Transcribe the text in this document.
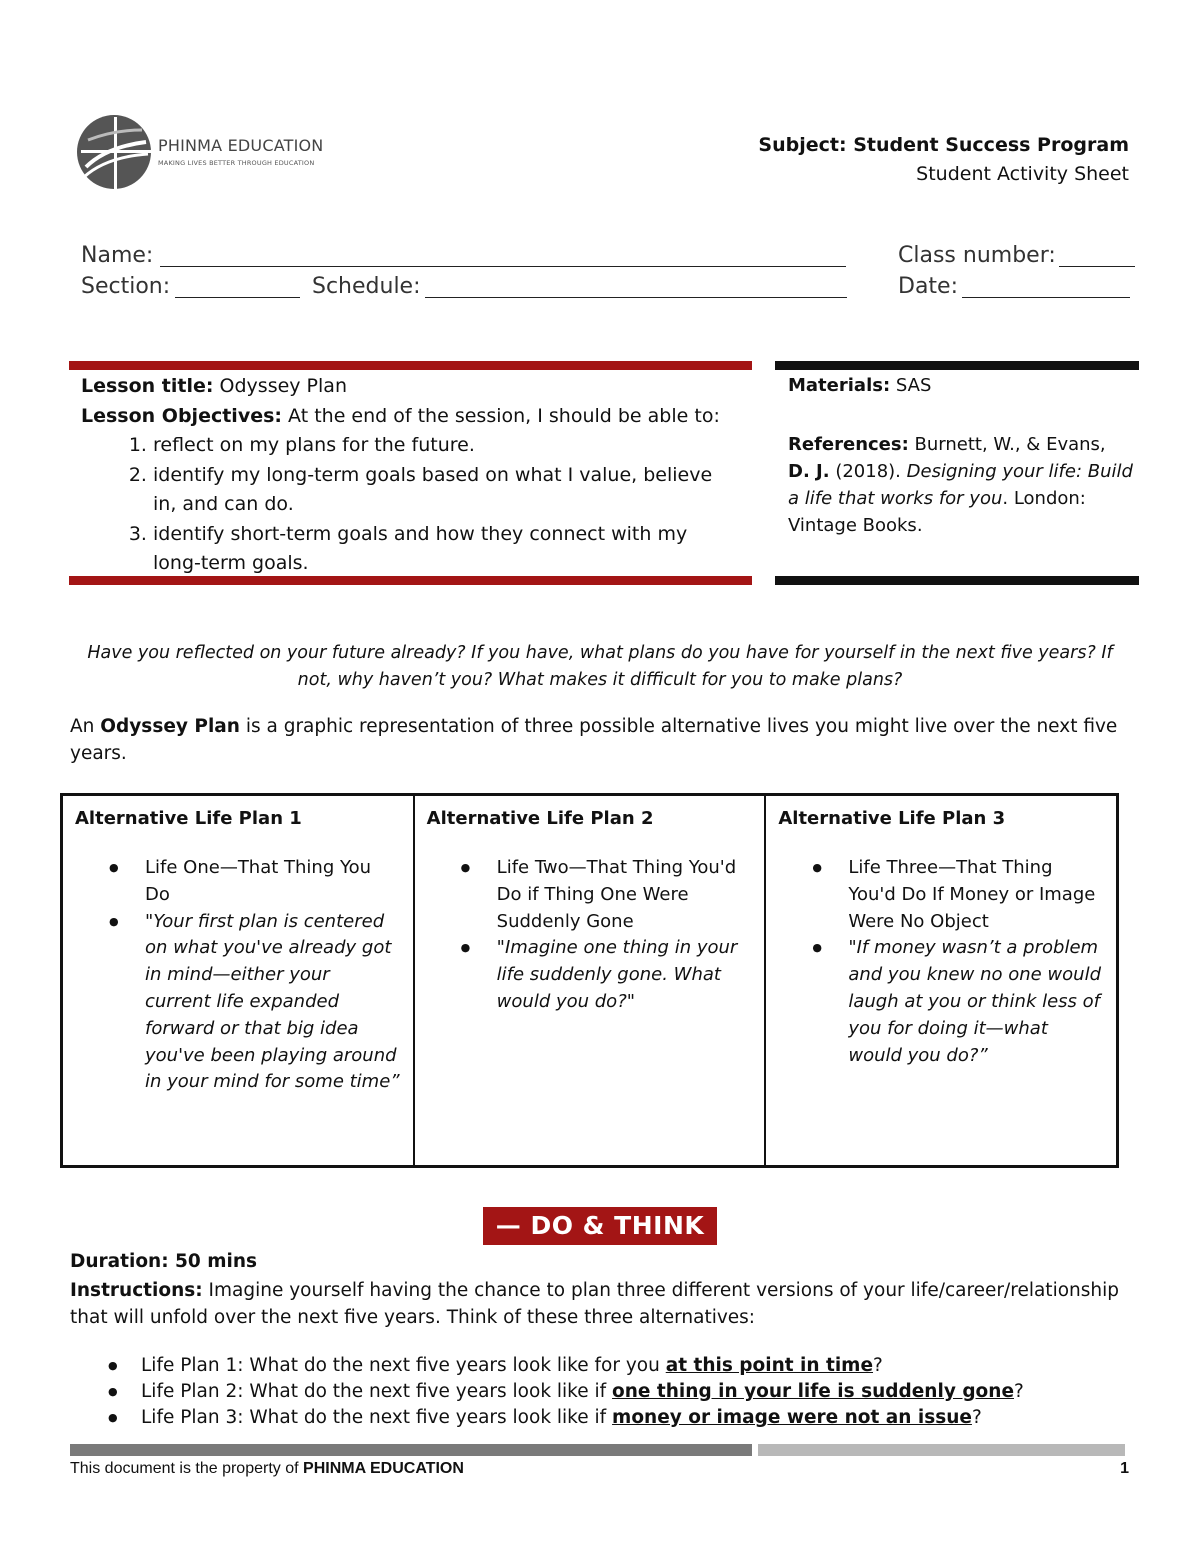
PHINMA EDUCATION
MAKING LIVES BETTER THROUGH EDUCATION
Subject: Student Success Program
Student Activity Sheet
Name:	Class number:
Section:	Schedule:	Date:
Lesson title: Odyssey Plan
Lesson Objectives: At the end of the session, I should be able to:
1. reflect on my plans for the future.
2. identify my long-term goals based on what I value, believe in, and can do.
3. identify short-term goals and how they connect with my long-term goals.
Materials: SAS
References: Burnett, W., & Evans, D. J. (2018). Designing your life: Build a life that works for you. London: Vintage Books.
Have you reflected on your future already? If you have, what plans do you have for yourself in the next five years? If not, why haven’t you? What makes it difficult for you to make plans?
An Odyssey Plan is a graphic representation of three possible alternative lives you might live over the next five years.
Alternative Life Plan 1
● Life One—That Thing You Do
● "Your first plan is centered on what you've already got in mind—either your current life expanded forward or that big idea you've been playing around in your mind for some time”
Alternative Life Plan 2
● Life Two—That Thing You'd Do if Thing One Were Suddenly Gone
● "Imagine one thing in your life suddenly gone. What would you do?"
Alternative Life Plan 3
● Life Three—That Thing You'd Do If Money or Image Were No Object
● "If money wasn’t a problem and you knew no one would laugh at you or think less of you for doing it—what would you do?”
— DO & THINK —
Duration: 50 mins
Instructions: Imagine yourself having the chance to plan three different versions of your life/career/relationship that will unfold over the next five years. Think of these three alternatives:
● Life Plan 1: What do the next five years look like for you at this point in time?
● Life Plan 2: What do the next five years look like if one thing in your life is suddenly gone?
● Life Plan 3: What do the next five years look like if money or image were not an issue?
This document is the property of PHINMA EDUCATION	1
